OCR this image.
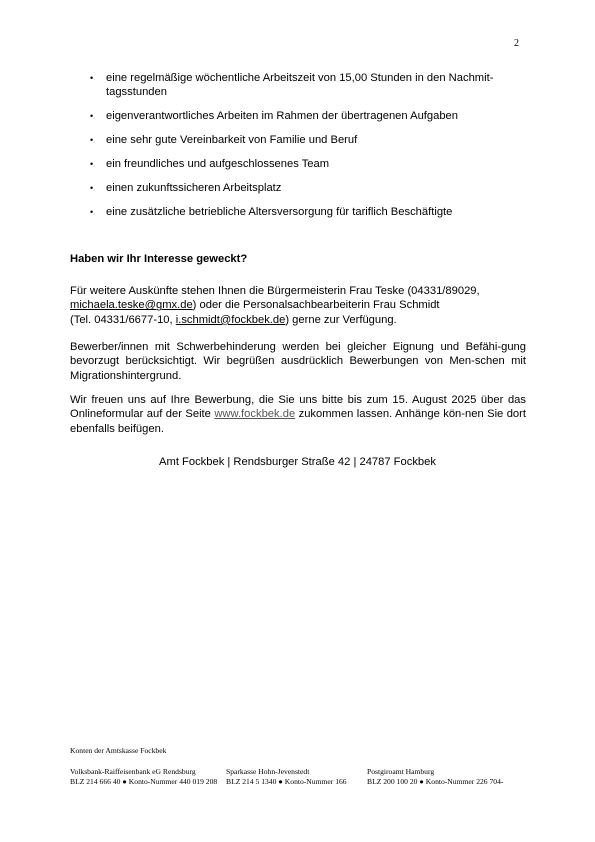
2
• eine regelmäßige wöchentliche Arbeitszeit von 15,00 Stunden in den Nachmit-tagsstunden
• eigenverantwortliches Arbeiten im Rahmen der übertragenen Aufgaben
• eine sehr gute Vereinbarkeit von Familie und Beruf
• ein freundliches und aufgeschlossenes Team
• einen zukunftssicheren Arbeitsplatz
• eine zusätzliche betriebliche Altersversorgung für tariflich Beschäftigte
Haben wir Ihr Interesse geweckt?
Für weitere Auskünfte stehen Ihnen die Bürgermeisterin Frau Teske (04331/89029,
michaela.teske@gmx.de) oder die Personalsachbearbeiterin Frau Schmidt
(Tel. 04331/6677-10, i.schmidt@fockbek.de) gerne zur Verfügung.
Bewerber/innen mit Schwerbehinderung werden bei gleicher Eignung und Befähi-gung bevorzugt berücksichtigt. Wir begrüßen ausdrücklich Bewerbungen von Men-schen mit Migrationshintergrund.
Wir freuen uns auf Ihre Bewerbung, die Sie uns bitte bis zum 15. August 2025 über das Onlineformular auf der Seite www.fockbek.de zukommen lassen. Anhänge kön-nen Sie dort ebenfalls beifügen.
Amt Fockbek | Rendsburger Straße 42 | 24787 Fockbek
Konten der Amtskasse Fockbek
Volksbank-Raiffeisenbank eG Rendsburg
BLZ 214 666 40 ● Konto-Nummer 440 019 208
Sparkasse Hohn-Jevenstedt
BLZ 214 5 1340 ● Konto-Nummer 166
Postgiroamt Hamburg
BLZ 200 100 20 ● Konto-Nummer 226 704-
